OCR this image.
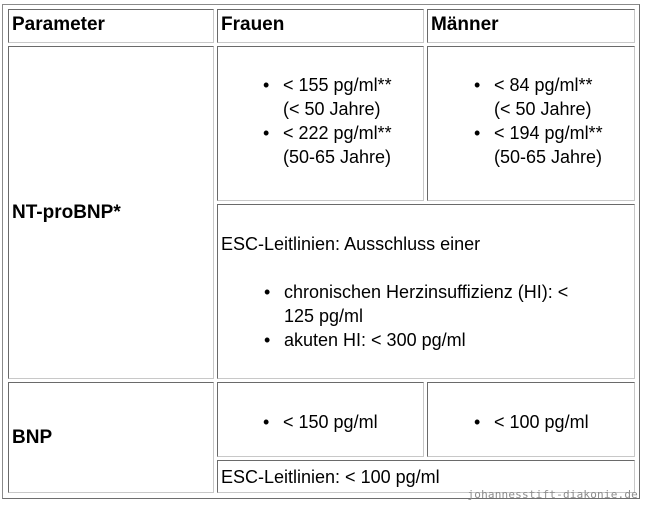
Parameter	Frauen	Männer
NT-proBNP*
• < 155 pg/ml**
(< 50 Jahre)
• < 222 pg/ml**
(50-65 Jahre)
• < 84 pg/ml**
(< 50 Jahre)
• < 194 pg/ml**
(50-65 Jahre)
ESC-Leitlinien: Ausschluss einer
• chronischen Herzinsuffizienz (HI): <
125 pg/ml
• akuten HI: < 300 pg/ml
BNP
• < 150 pg/ml
•	< 100 pg/ml
ESC-Leitlinien: < 100 pg/ml
johannesstift-diakonie.de
